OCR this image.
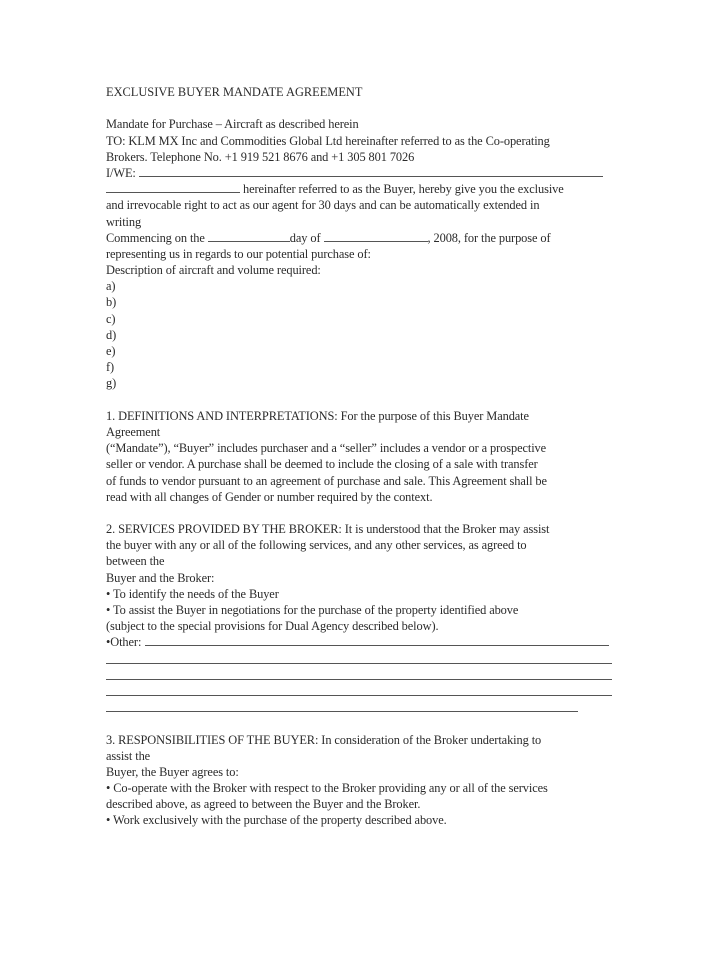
EXCLUSIVE BUYER MANDATE AGREEMENT
Mandate for Purchase – Aircraft as described herein
TO: KLM MX Inc and Commodities Global Ltd hereinafter referred to as the Co-operating
Brokers. Telephone No. +1 919 521 8676 and +1 305 801 7026
I/WE:
hereinafter referred to as the Buyer, hereby give you the exclusive
and irrevocable right to act as our agent for 30 days and can be automatically extended in
writing
Commencing on the	day of	, 2008, for the purpose of
representing us in regards to our potential purchase of:
Description of aircraft and volume required:
a)
b)
c)
d)
e)
f)
g)
1. DEFINITIONS AND INTERPRETATIONS: For the purpose of this Buyer Mandate
Agreement
(“Mandate”), “Buyer” includes purchaser and a “seller” includes a vendor or a prospective
seller or vendor. A purchase shall be deemed to include the closing of a sale with transfer
of funds to vendor pursuant to an agreement of purchase and sale. This Agreement shall be
read with all changes of Gender or number required by the context.
2. SERVICES PROVIDED BY THE BROKER: It is understood that the Broker may assist
the buyer with any or all of the following services, and any other services, as agreed to
between the
Buyer and the Broker:
• To identify the needs of the Buyer
• To assist the Buyer in negotiations for the purchase of the property identified above
(subject to the special provisions for Dual Agency described below).
•Other:
3. RESPONSIBILITIES OF THE BUYER: In consideration of the Broker undertaking to
assist the
Buyer, the Buyer agrees to:
• Co-operate with the Broker with respect to the Broker providing any or all of the services
described above, as agreed to between the Buyer and the Broker.
• Work exclusively with the purchase of the property described above.
